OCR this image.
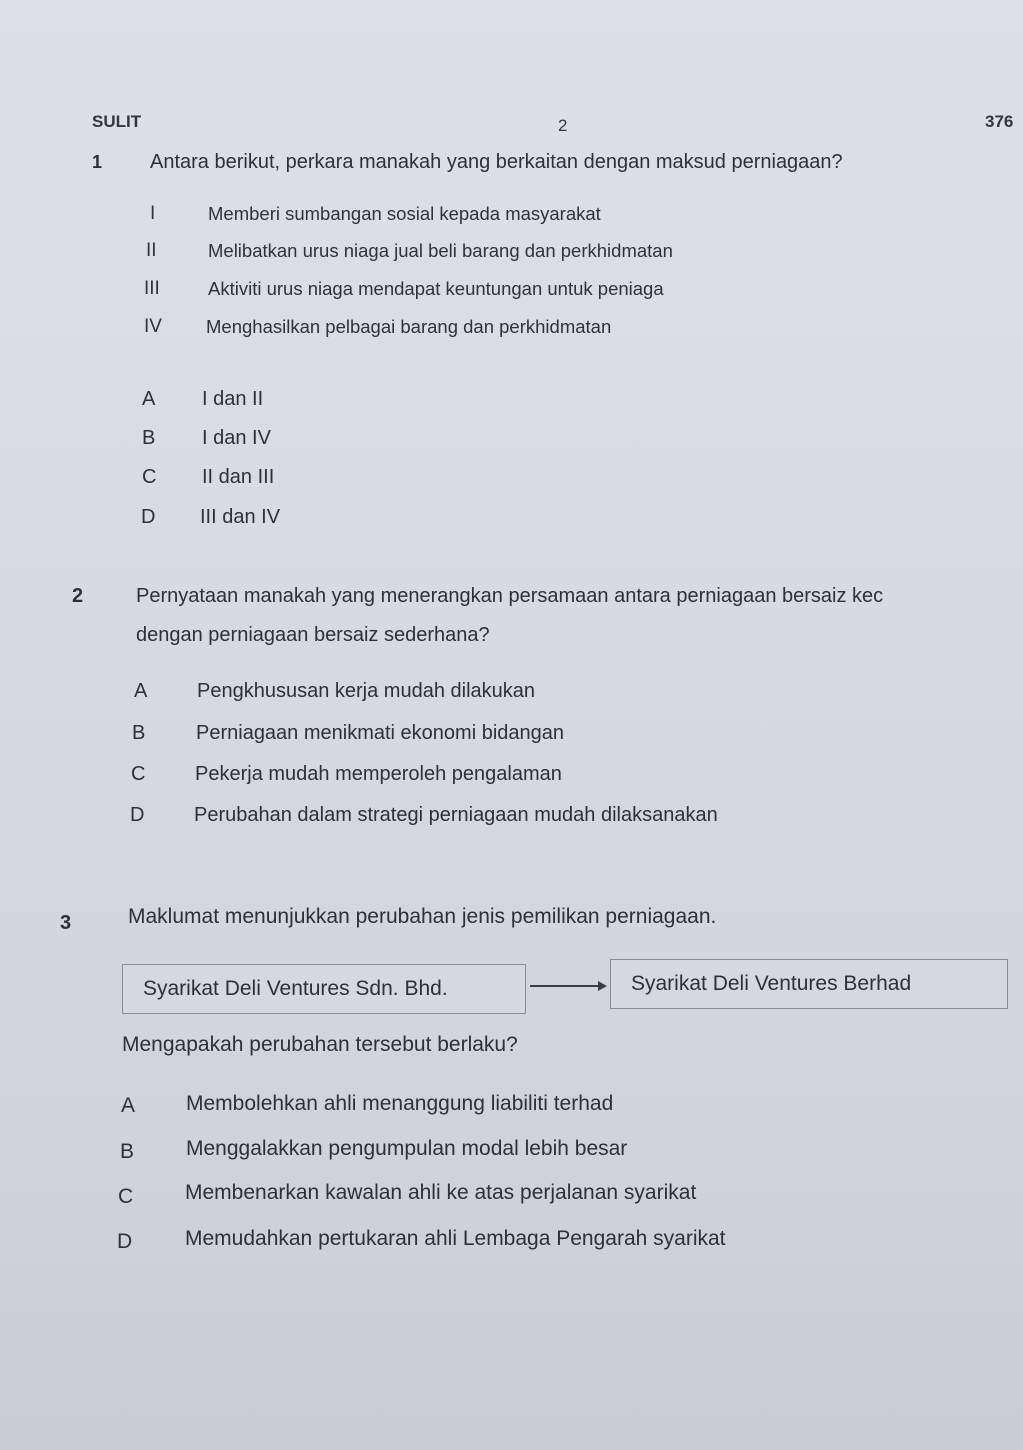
SULIT	2	376
1 Antara berikut, perkara manakah yang berkaitan dengan maksud perniagaan?
I	Memberi sumbangan sosial kepada masyarakat
II	Melibatkan urus niaga jual beli barang dan perkhidmatan
III	Aktiviti urus niaga mendapat keuntungan untuk peniaga
IV Menghasilkan pelbagai barang dan perkhidmatan
A I dan II
B I dan IV
C II dan III
D III dan IV
2	Pernyataan manakah yang menerangkan persamaan antara perniagaan bersaiz kec
dengan perniagaan bersaiz sederhana?
A Pengkhususan kerja mudah dilakukan
B	Perniagaan menikmati ekonomi bidangan
C Pekerja mudah memperoleh pengalaman
D Perubahan dalam strategi perniagaan mudah dilaksanakan
3	Maklumat menunjukkan perubahan jenis pemilikan perniagaan.
Syarikat Deli Ventures Sdn. Bhd.	Syarikat Deli Ventures Berhad
Mengapakah perubahan tersebut berlaku?
A Membolehkan ahli menanggung liabiliti terhad
B Menggalakkan pengumpulan modal lebih besar
C Membenarkan kawalan ahli ke atas perjalanan syarikat
D	Memudahkan pertukaran ahli Lembaga Pengarah syarikat
